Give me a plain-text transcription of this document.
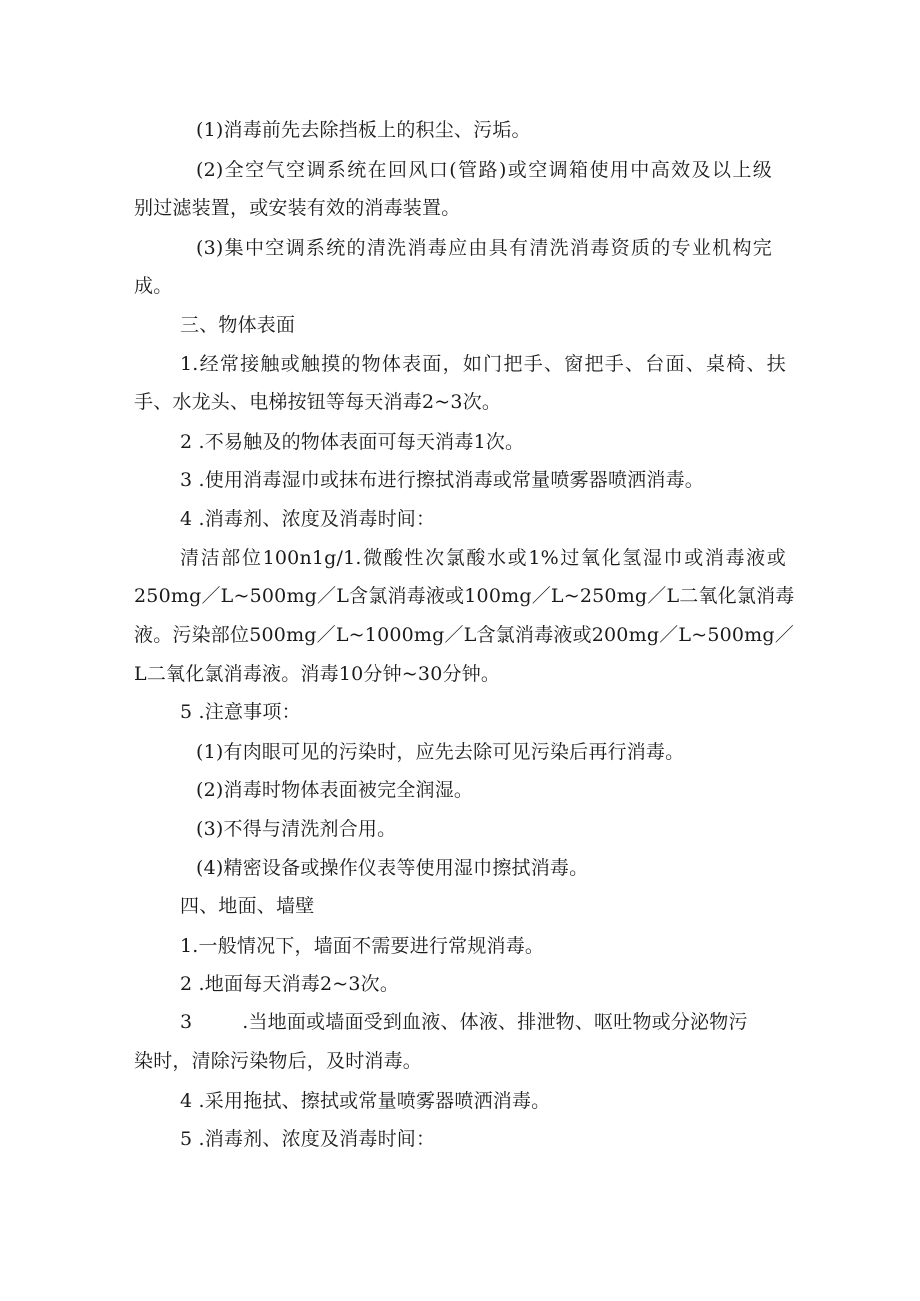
(1)消毒前先去除挡板上的积尘、污垢。
(2)全空气空调系统在回风口(管路)或空调箱使用中高效及以上级
别过滤装置，或安装有效的消毒装置。
(3)集中空调系统的清洗消毒应由具有清洗消毒资质的专业机构完
成。
三、物体表面
1.经常接触或触摸的物体表面，如门把手、窗把手、台面、桌椅、扶
手、水龙头、电梯按钮等每天消毒2~3次。
2 .不易触及的物体表面可每天消毒1次。
3 .使用消毒湿巾或抹布进行擦拭消毒或常量喷雾器喷洒消毒。
4 .消毒剂、浓度及消毒时间：
清洁部位100n1g/1.微酸性次氯酸水或1%过氧化氢湿巾或消毒液或
250mg／L~500mg／L含氯消毒液或100mg／L~250mg／L二氧化氯消毒
液。污染部位500mg／L~1000mg／L含氯消毒液或200mg／L~500mg／
L二氧化氯消毒液。消毒10分钟~30分钟。
5 .注意事项：
(1)有肉眼可见的污染时，应先去除可见污染后再行消毒。
(2)消毒时物体表面被完全润湿。
(3)不得与清洗剂合用。
(4)精密设备或操作仪表等使用湿巾擦拭消毒。
四、地面、墙壁
1.一般情况下，墙面不需要进行常规消毒。
2 .地面每天消毒2~3次。
3        .当地面或墙面受到血液、体液、排泄物、呕吐物或分泌物污
染时，清除污染物后，及时消毒。
4 .采用拖拭、擦拭或常量喷雾器喷洒消毒。
5 .消毒剂、浓度及消毒时间：
